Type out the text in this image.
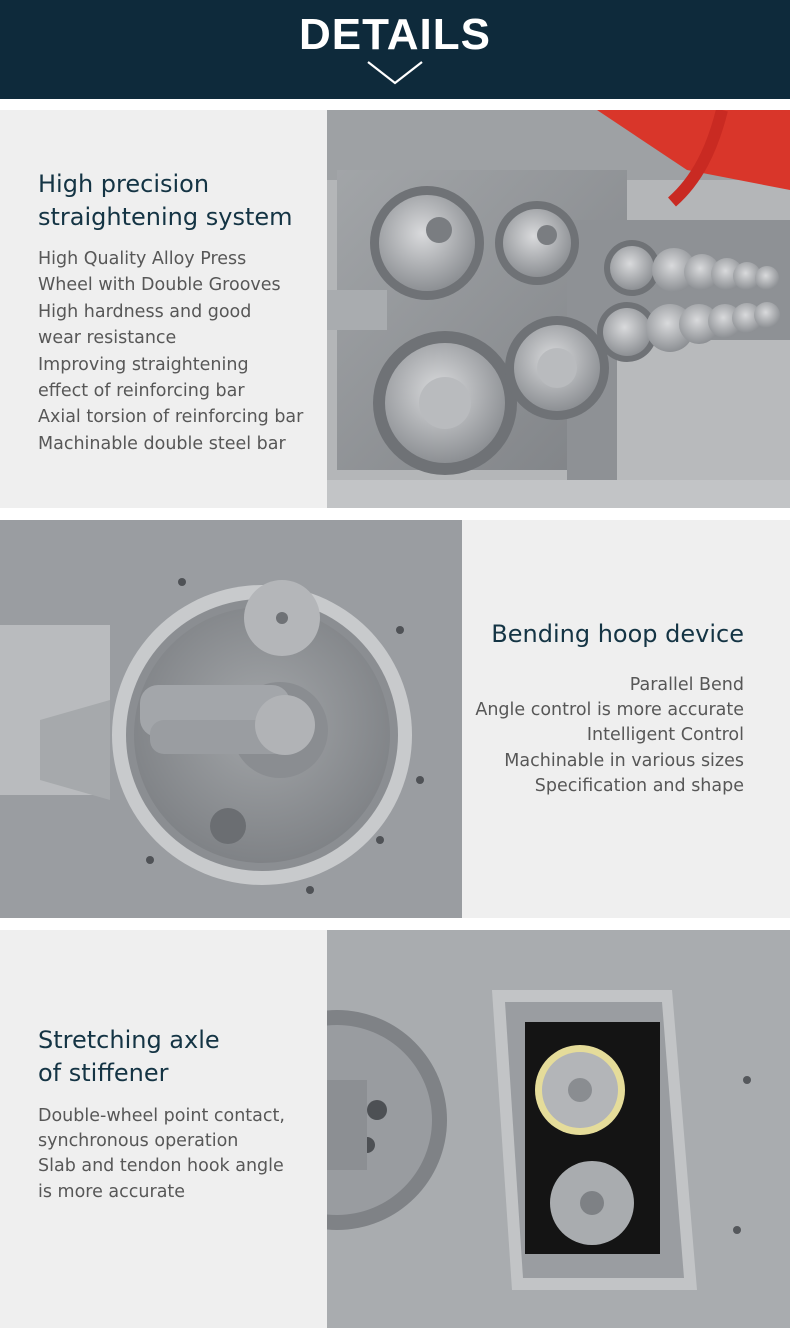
DETAILS
High precision
straightening system
High Quality Alloy Press
Wheel with Double Grooves
High hardness and good
wear resistance
Improving straightening
effect of reinforcing bar
Axial torsion of reinforcing bar
Machinable double steel bar
Bending hoop device
Parallel Bend
Angle control is more accurate
Intelligent Control
Machinable in various sizes
Specification and shape
Stretching axle
of stiffener
Double-wheel point contact,
synchronous operation
Slab and tendon hook angle
is more accurate
